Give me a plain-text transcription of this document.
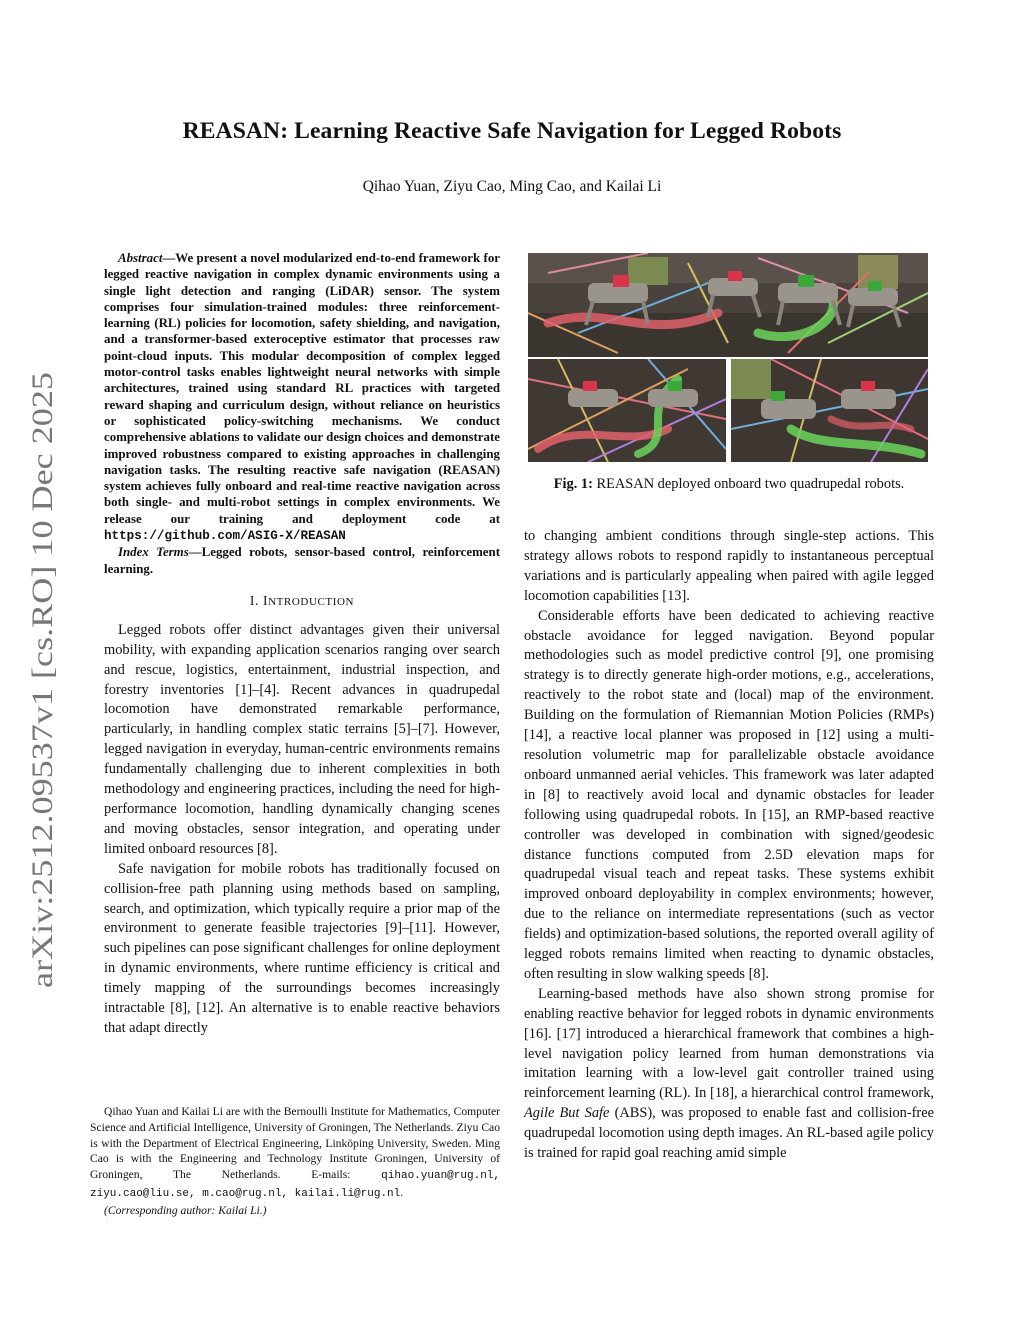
arXiv:2512.09537v1 [cs.RO] 10 Dec 2025
REASAN: Learning Reactive Safe Navigation for Legged Robots

Qihao Yuan, Ziyu Cao, Ming Cao, and Kailai Li

Abstract—We present a novel modularized end-to-end framework for legged reactive navigation in complex dynamic environments using a single light detection and ranging (LiDAR) sensor. The system comprises four simulation-trained modules: three reinforcement-learning (RL) policies for locomotion, safety shielding, and navigation, and a transformer-based exteroceptive estimator that processes raw point-cloud inputs. This modular decomposition of complex legged motor-control tasks enables lightweight neural networks with simple architectures, trained using standard RL practices with targeted reward shaping and curriculum design, without reliance on heuristics or sophisticated policy-switching mechanisms. We conduct comprehensive ablations to validate our design choices and demonstrate improved robustness compared to existing approaches in challenging navigation tasks. The resulting reactive safe navigation (REASAN) system achieves fully onboard and real-time reactive navigation across both single- and multi-robot settings in complex environments. We release our training and deployment code at https://github.com/ASIG-X/REASAN

Index Terms—Legged robots, sensor-based control, reinforcement learning.

I. INTRODUCTION

Legged robots offer distinct advantages given their universal mobility, with expanding application scenarios ranging over search and rescue, logistics, entertainment, industrial inspection, and forestry inventories [1]–[4]. Recent advances in quadrupedal locomotion have demonstrated remarkable performance, particularly, in handling complex static terrains [5]–[7]. However, legged navigation in everyday, human-centric environments remains fundamentally challenging due to inherent complexities in both methodology and engineering practices, including the need for high-performance locomotion, handling dynamically changing scenes and moving obstacles, sensor integration, and operating under limited onboard resources [8].

Safe navigation for mobile robots has traditionally focused on collision-free path planning using methods based on sampling, search, and optimization, which typically require a prior map of the environment to generate feasible trajectories [9]–[11]. However, such pipelines can pose significant challenges for online deployment in dynamic environments, where runtime efficiency is critical and timely mapping of the surroundings becomes increasingly intractable [8], [12]. An alternative is to enable reactive behaviors that adapt directly

Qihao Yuan and Kailai Li are with the Bernoulli Institute for Mathematics, Computer Science and Artificial Intelligence, University of Groningen, The Netherlands. Ziyu Cao is with the Department of Electrical Engineering, Linköping University, Sweden. Ming Cao is with the Engineering and Technology Institute Groningen, University of Groningen, The Netherlands. E-mails: qihao.yuan@rug.nl, ziyu.cao@liu.se, m.cao@rug.nl, kailai.li@rug.nl.

(Corresponding author: Kailai Li.)

Fig. 1: REASAN deployed onboard two quadrupedal robots.

to changing ambient conditions through single-step actions. This strategy allows robots to respond rapidly to instantaneous perceptual variations and is particularly appealing when paired with agile legged locomotion capabilities [13].

Considerable efforts have been dedicated to achieving reactive obstacle avoidance for legged navigation. Beyond popular methodologies such as model predictive control [9], one promising strategy is to directly generate high-order motions, e.g., accelerations, reactively to the robot state and (local) map of the environment. Building on the formulation of Riemannian Motion Policies (RMPs) [14], a reactive local planner was proposed in [12] using a multi-resolution volumetric map for parallelizable obstacle avoidance onboard unmanned aerial vehicles. This framework was later adapted in [8] to reactively avoid local and dynamic obstacles for leader following using quadrupedal robots. In [15], an RMP-based reactive controller was developed in combination with signed/geodesic distance functions computed from 2.5D elevation maps for quadrupedal visual teach and repeat tasks. These systems exhibit improved onboard deployability in complex environments; however, due to the reliance on intermediate representations (such as vector fields) and optimization-based solutions, the reported overall agility of legged robots remains limited when reacting to dynamic obstacles, often resulting in slow walking speeds [8].

Learning-based methods have also shown strong promise for enabling reactive behavior for legged robots in dynamic environments [16]. [17] introduced a hierarchical framework that combines a high-level navigation policy learned from human demonstrations via imitation learning with a low-level gait controller trained using reinforcement learning (RL). In [18], a hierarchical control framework, Agile But Safe (ABS), was proposed to enable fast and collision-free quadrupedal locomotion using depth images. An RL-based agile policy is trained for rapid goal reaching amid simple
